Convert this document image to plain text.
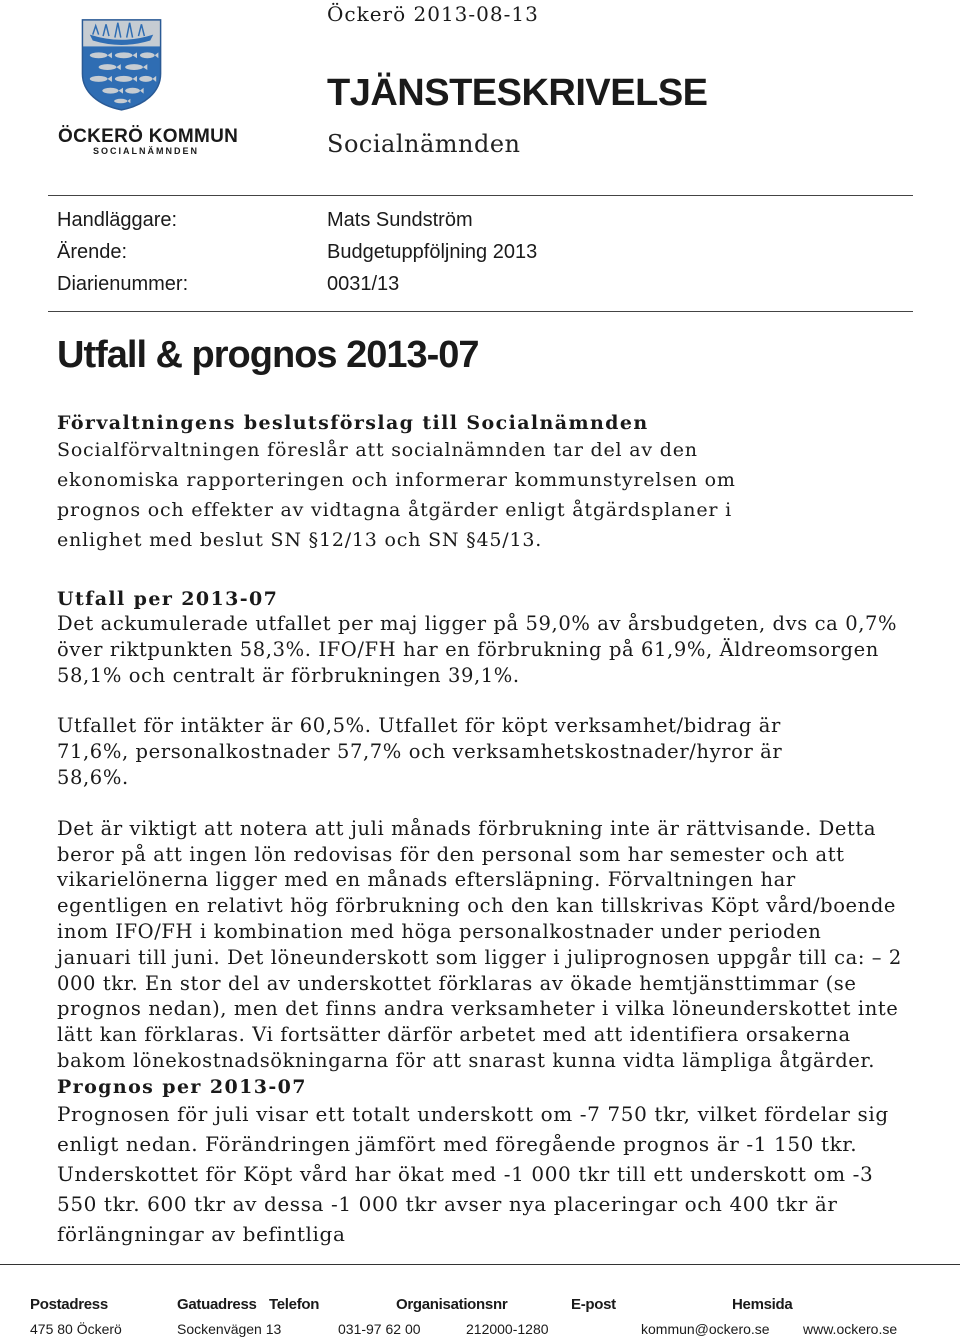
ÖCKERÖ KOMMUN
SOCIALNÄMNDEN
Öckerö 2013-08-13
TJÄNSTESKRIVELSE
Socialnämnden
Handläggare:	Mats Sundström
Ärende:	Budgetuppföljning 2013
Diarienummer:	0031/13
Utfall & prognos 2013-07

Förvaltningens beslutsförslag till Socialnämnden

Socialförvaltningen föreslår att socialnämnden tar del av den ekonomiska rapporteringen och informerar kommunstyrelsen om prognos och effekter av vidtagna åtgärder enligt åtgärdsplaner i enlighet med beslut SN §12/13 och SN §45/13.

Utfall per 2013-07

Det ackumulerade utfallet per maj ligger på 59,0% av årsbudgeten, dvs ca 0,7% över riktpunkten 58,3%. IFO/FH har en förbrukning på 61,9%, Äldreomsorgen 58,1% och centralt är förbrukningen 39,1%.

Utfallet för intäkter är 60,5%. Utfallet för köpt verksamhet/bidrag är 71,6%, personalkostnader 57,7% och verksamhetskostnader/hyror är 58,6%.

Det är viktigt att notera att juli månads förbrukning inte är rättvisande. Detta beror på att ingen lön redovisas för den personal som har semester och att vikarielönerna ligger med en månads eftersläpning. Förvaltningen har egentligen en relativt hög förbrukning och den kan tillskrivas Köpt vård/boende inom IFO/FH i kombination med höga personalkostnader under perioden januari till juni. Det löneunderskott som ligger i juliprognosen uppgår till ca: – 2 000 tkr. En stor del av underskottet förklaras av ökade hemtjänsttimmar (se prognos nedan), men det finns andra verksamheter i vilka löneunderskottet inte lätt kan förklaras. Vi fortsätter därför arbetet med att identifiera orsakerna bakom lönekostnadsökningarna för att snarast kunna vidta lämpliga åtgärder.

Prognos per 2013-07

Prognosen för juli visar ett totalt underskott om -7 750 tkr, vilket fördelar sig enligt nedan. Förändringen jämfört med föregående prognos är -1 150 tkr. Underskottet för Köpt vård har ökat med -1 000 tkr till ett underskott om -3 550 tkr. 600 tkr av dessa -1 000 tkr avser nya placeringar och 400 tkr är förlängningar av befintliga

Postadress
475 80 Öckerö
Gatuadress
Sockenvägen 13
Telefon
031-97 62 00
Organisationsnr
212000-1280
E-post
kommun@ockero.se
Hemsida
www.ockero.se
